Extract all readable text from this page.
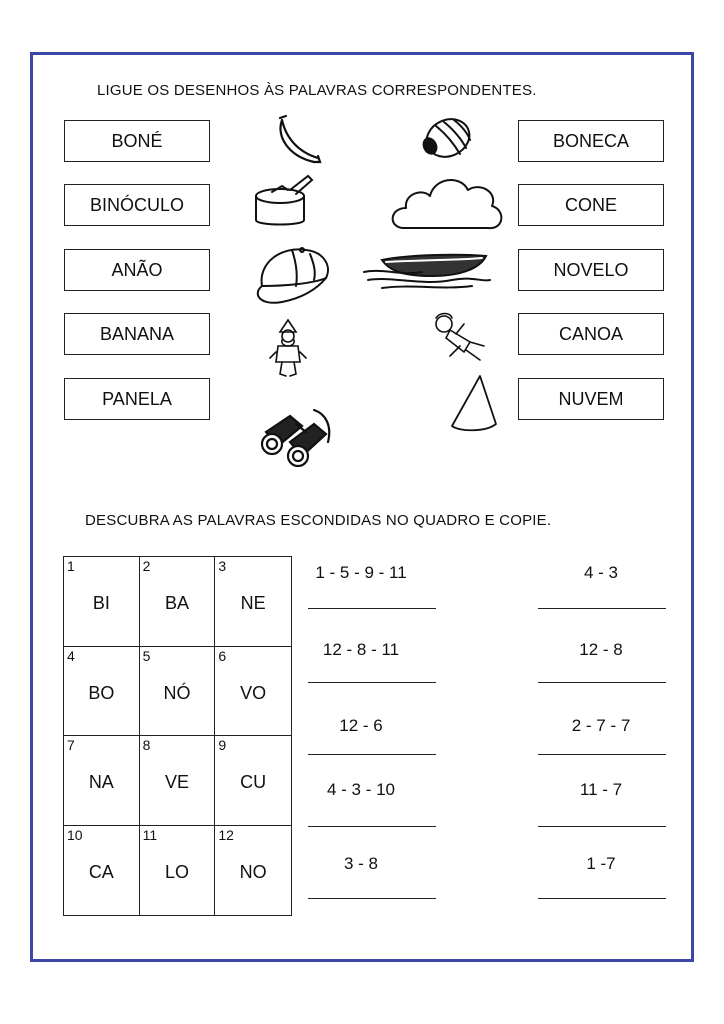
LIGUE OS DESENHOS ÀS PALAVRAS CORRESPONDENTES.
BONÉ
BINÓCULO
ANÃO
BANANA
PANELA
BONECA
CONE
NOVELO
CANOA
NUVEM
DESCUBRA AS PALAVRAS ESCONDIDAS NO QUADRO E COPIE.
1
BI
2
BA
3
NE
4
BO
5
NÓ
6
VO
7
NA
8
VE
9
CU
10
CA
11
LO
12
NO
1 - 5 - 9 - 11
12 - 8 - 11
12 - 6
4 - 3 - 10
3 - 8
4 - 3
12 - 8
2 - 7 - 7
11 - 7
1 -7
